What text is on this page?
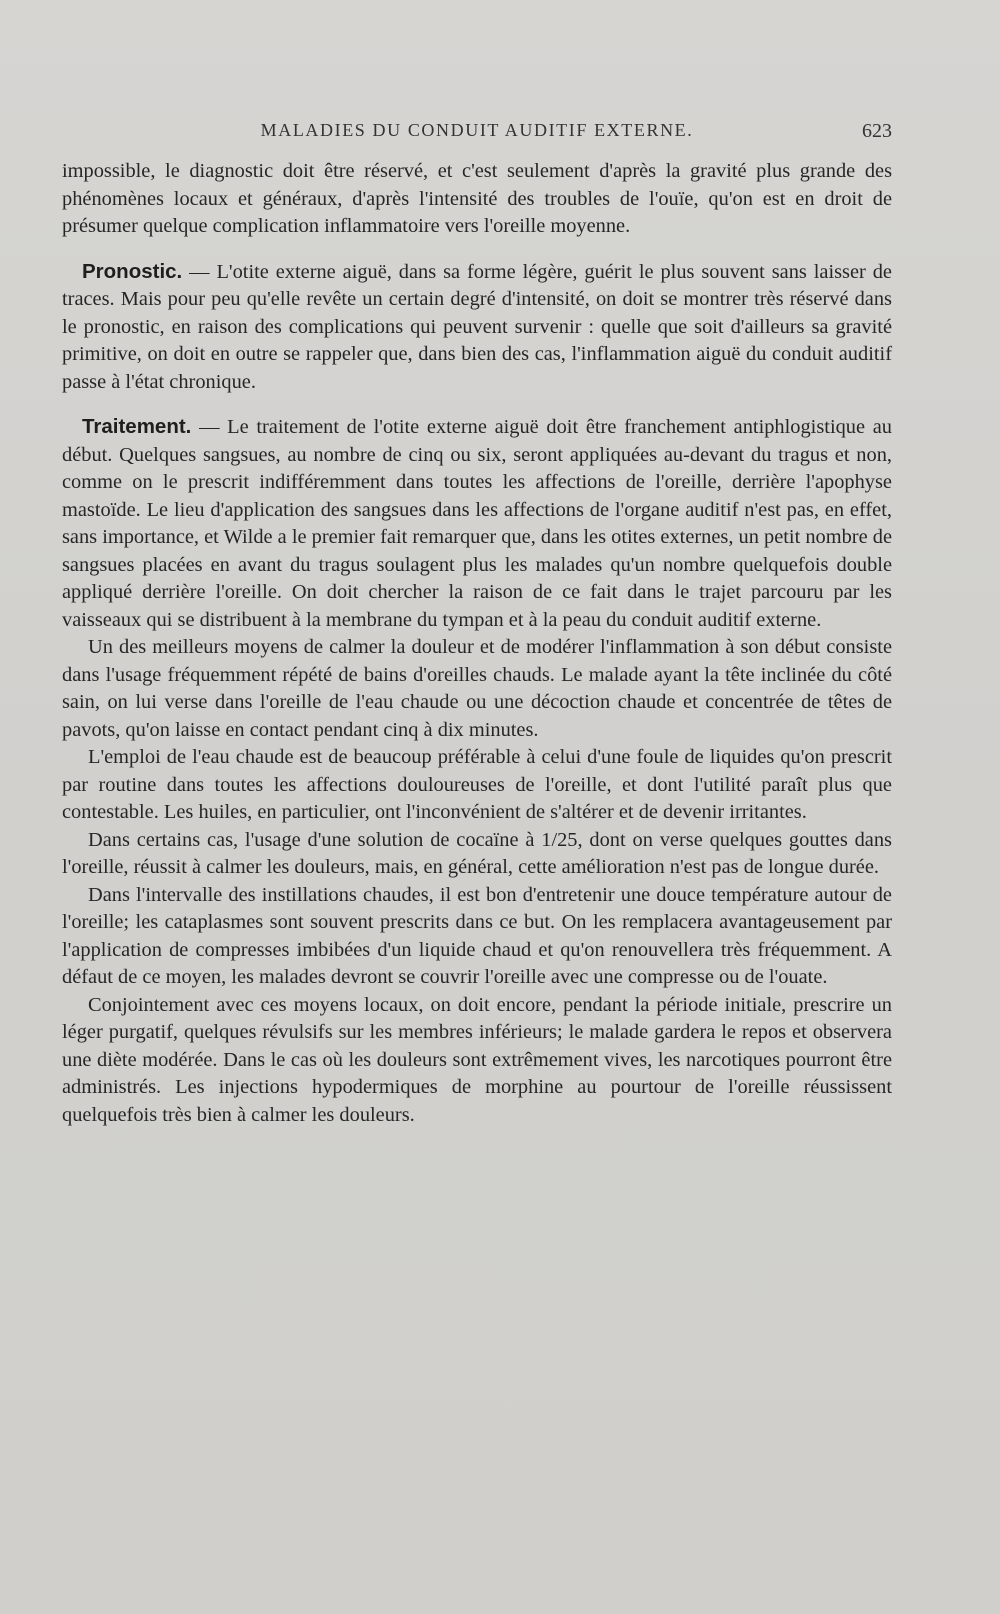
MALADIES DU CONDUIT AUDITIF EXTERNE.	623

impossible, le diagnostic doit être réservé, et c'est seulement d'après la gravité plus grande des phénomènes locaux et généraux, d'après l'intensité des troubles de l'ouïe, qu'on est en droit de présumer quelque complication inflammatoire vers l'oreille moyenne.

Pronostic. — L'otite externe aiguë, dans sa forme légère, guérit le plus souvent sans laisser de traces. Mais pour peu qu'elle revête un certain degré d'intensité, on doit se montrer très réservé dans le pronostic, en raison des complications qui peuvent survenir : quelle que soit d'ailleurs sa gravité primitive, on doit en outre se rappeler que, dans bien des cas, l'inflammation aiguë du conduit auditif passe à l'état chronique.

Traitement. — Le traitement de l'otite externe aiguë doit être franchement antiphlogistique au début. Quelques sangsues, au nombre de cinq ou six, seront appliquées au-devant du tragus et non, comme on le prescrit indifféremment dans toutes les affections de l'oreille, derrière l'apophyse mastoïde. Le lieu d'application des sangsues dans les affections de l'organe auditif n'est pas, en effet, sans importance, et Wilde a le premier fait remarquer que, dans les otites externes, un petit nombre de sangsues placées en avant du tragus soulagent plus les malades qu'un nombre quelquefois double appliqué derrière l'oreille. On doit chercher la raison de ce fait dans le trajet parcouru par les vaisseaux qui se distribuent à la membrane du tympan et à la peau du conduit auditif externe.

Un des meilleurs moyens de calmer la douleur et de modérer l'inflammation à son début consiste dans l'usage fréquemment répété de bains d'oreilles chauds. Le malade ayant la tête inclinée du côté sain, on lui verse dans l'oreille de l'eau chaude ou une décoction chaude et concentrée de têtes de pavots, qu'on laisse en contact pendant cinq à dix minutes.

L'emploi de l'eau chaude est de beaucoup préférable à celui d'une foule de liquides qu'on prescrit par routine dans toutes les affections douloureuses de l'oreille, et dont l'utilité paraît plus que contestable. Les huiles, en particulier, ont l'inconvénient de s'altérer et de devenir irritantes.

Dans certains cas, l'usage d'une solution de cocaïne à 1/25, dont on verse quelques gouttes dans l'oreille, réussit à calmer les douleurs, mais, en général, cette amélioration n'est pas de longue durée.

Dans l'intervalle des instillations chaudes, il est bon d'entretenir une douce température autour de l'oreille; les cataplasmes sont souvent prescrits dans ce but. On les remplacera avantageusement par l'application de compresses imbibées d'un liquide chaud et qu'on renouvellera très fréquemment. A défaut de ce moyen, les malades devront se couvrir l'oreille avec une compresse ou de l'ouate.

Conjointement avec ces moyens locaux, on doit encore, pendant la période initiale, prescrire un léger purgatif, quelques révulsifs sur les membres inférieurs; le malade gardera le repos et observera une diète modérée. Dans le cas où les douleurs sont extrêmement vives, les narcotiques pourront être administrés. Les injections hypodermiques de morphine au pourtour de l'oreille réussissent quelquefois très bien à calmer les douleurs.
